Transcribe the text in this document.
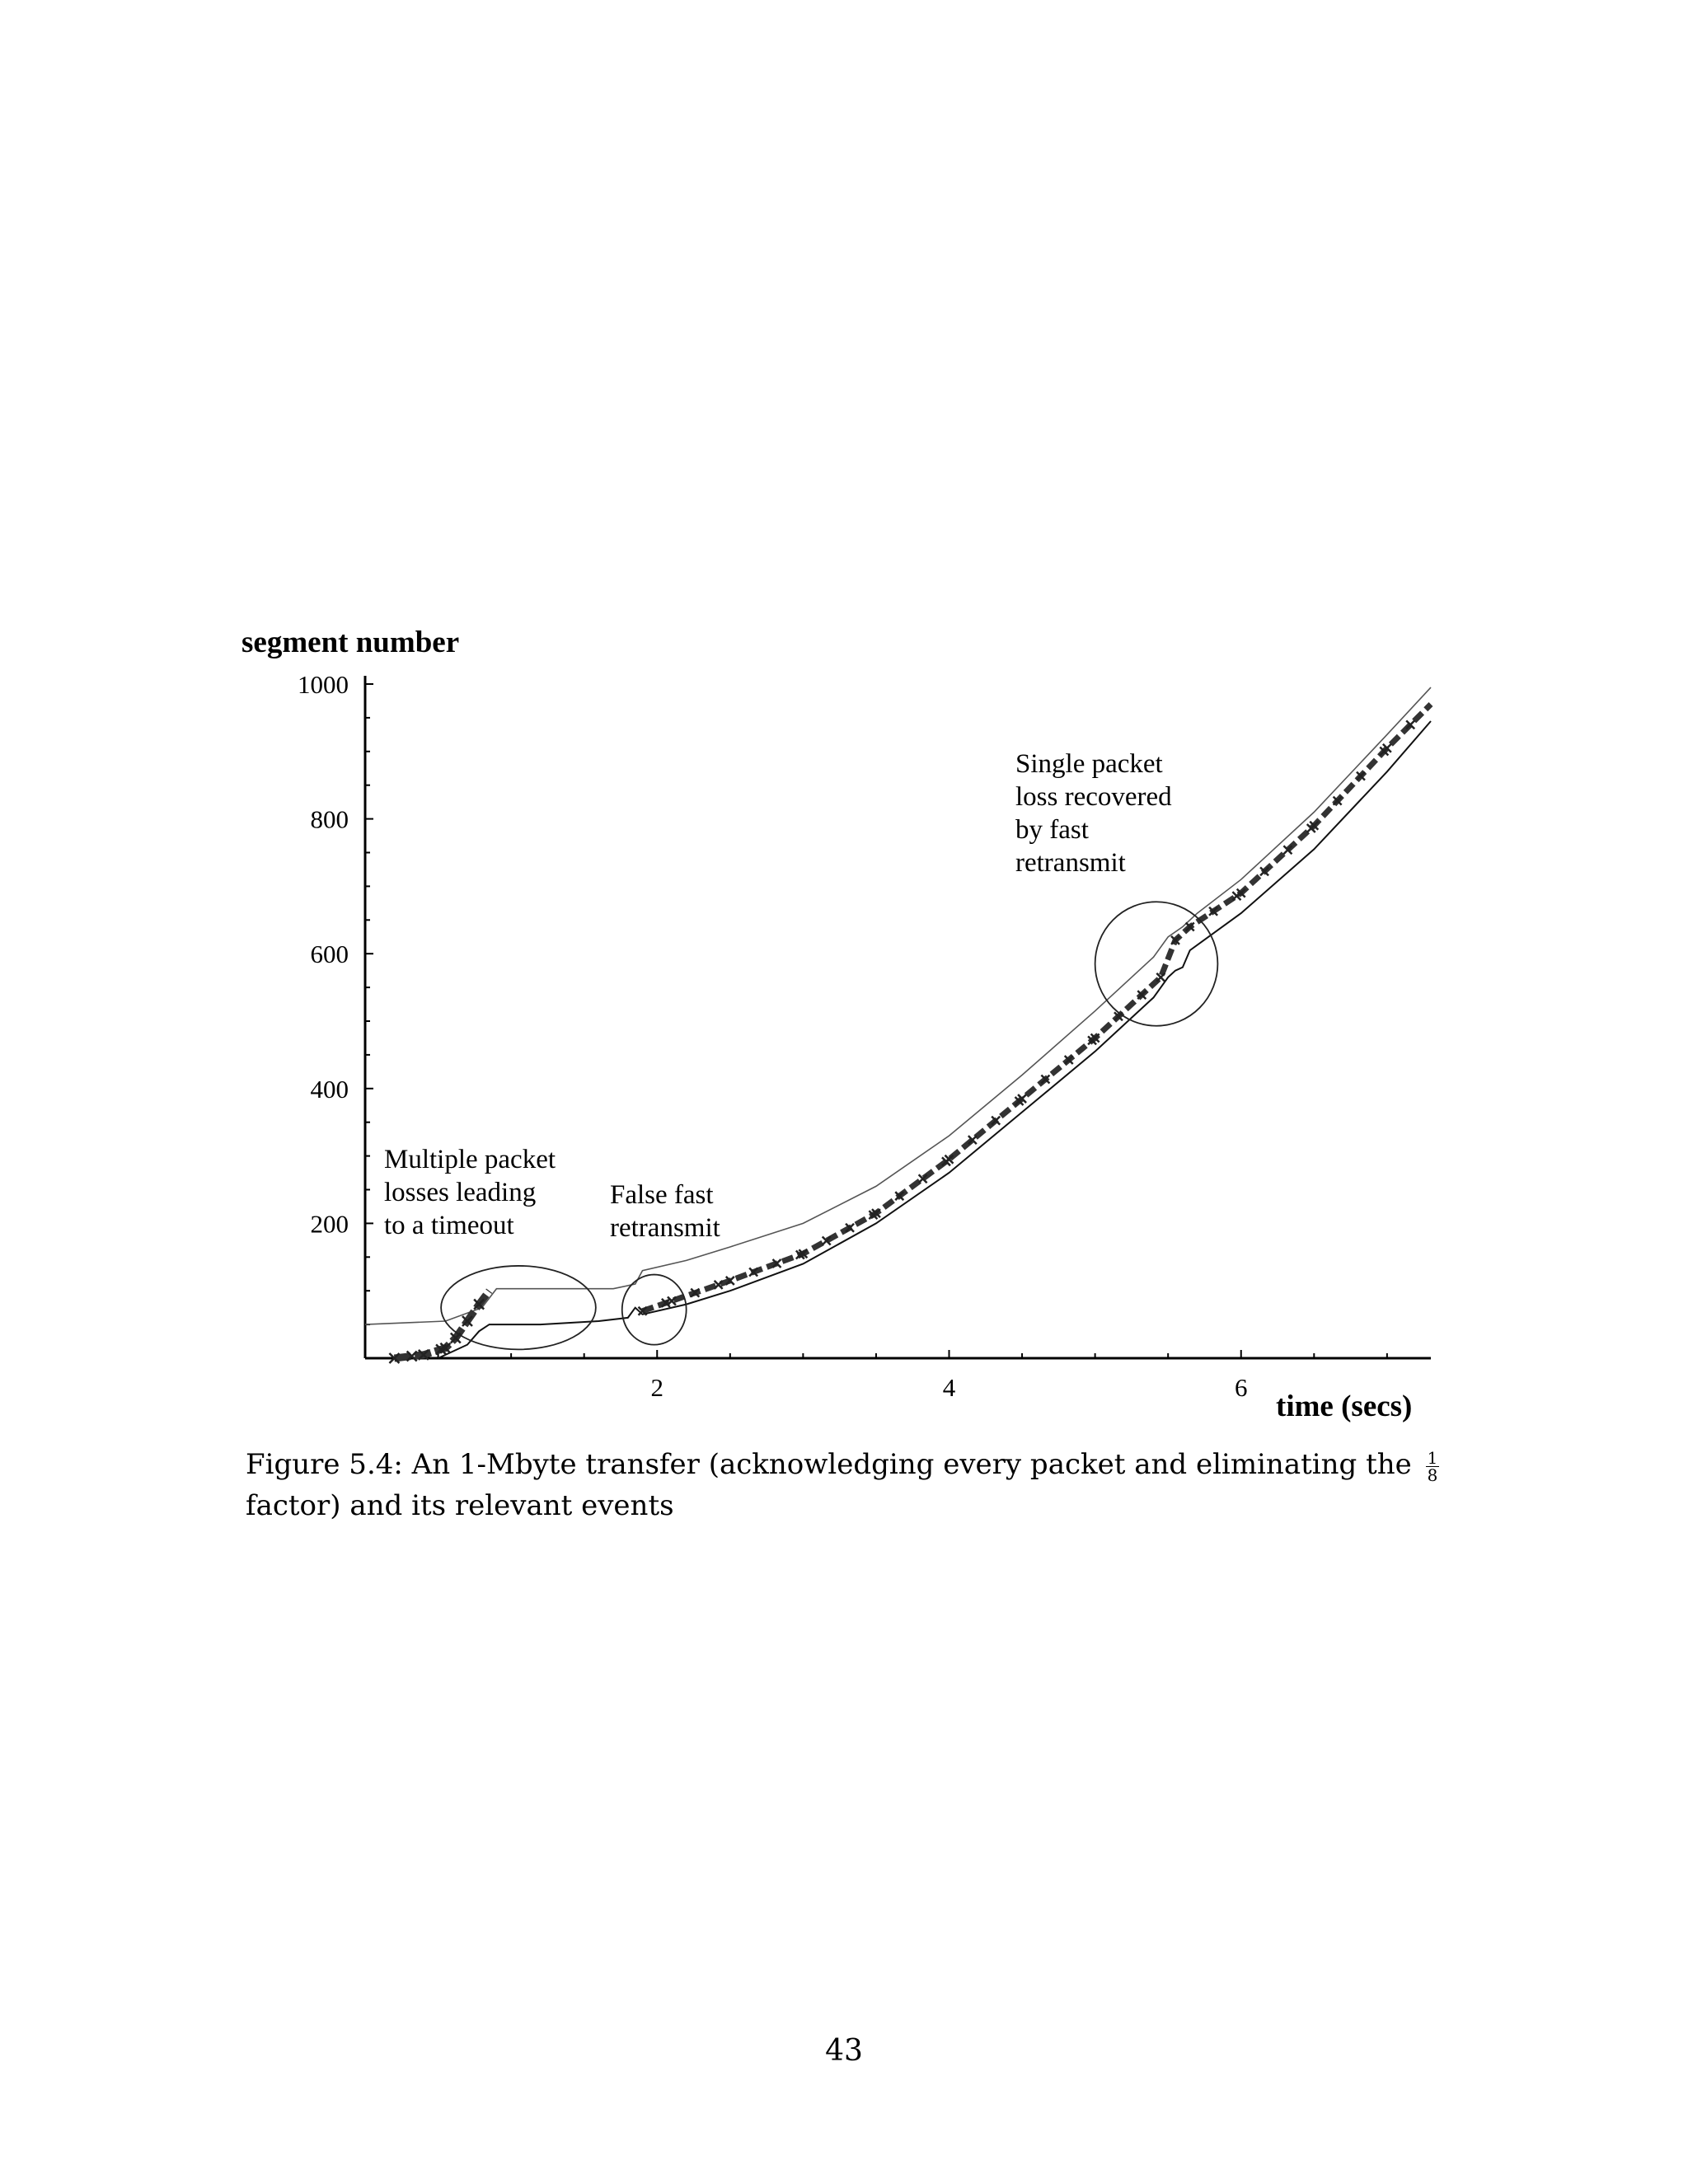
segment number
2	4	6
200
400
600
800
1000
time (secs)
Multiple packet
losses leading
to a timeout
False fast
retransmit
Single packet
loss recovered
by fast
retransmit
Figure 5.4: An 1-Mbyte transfer (acknowledging every packet and eliminating the $\frac{1}{8}$
factor) and its relevant events
43
